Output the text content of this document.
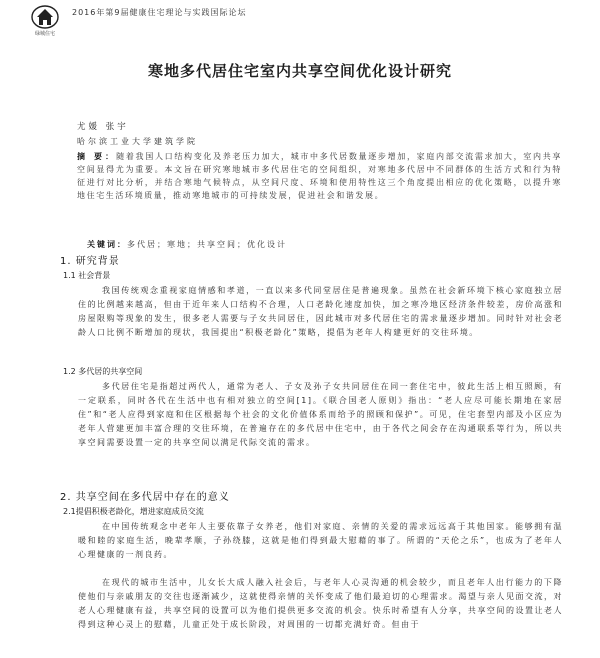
绿城住宅
2016年第9届健康住宅理论与实践国际论坛
寒地多代居住宅室内共享空间优化设计研究
尤媛 张宇
哈尔滨工业大学建筑学院

摘 要：随着我国人口结构变化及养老压力加大，城市中多代居数量逐步增加，家庭内部交流需求加大，室内共享空间显得尤为重要。本文旨在研究寒地城市多代居住宅的空间组织，对寒地多代居中不同群体的生活方式和行为特征进行对比分析，并结合寒地气候特点，从空间尺度、环境和使用特性这三个角度提出相应的优化策略，以提升寒地住宅生活环境质量，推动寒地城市的可持续发展，促进社会和谐发展。

关键词：多代居；寒地；共享空间；优化设计
1. 研究背景
1.1 社会背景

我国传统观念重视家庭情感和孝道，一直以来多代同堂居住是普遍现象。虽然在社会新环境下核心家庭独立居住的比例越来越高，但由于近年来人口结构不合理，人口老龄化速度加快，加之寒冷地区经济条件较差，房价高涨和房屋限购等现象的发生，很多老人需要与子女共同居住，因此城市对多代居住宅的需求量逐步增加。同时针对社会老龄人口比例不断增加的现状，我国提出“积极老龄化”策略，提倡为老年人构建更好的交往环境。

1.2 多代居的共享空间

多代居住宅是指超过两代人，通常为老人、子女及孙子女共同居住在同一套住宅中，彼此生活上相互照顾，有一定联系，同时各代在生活中也有相对独立的空间[1]。《联合国老人原则》指出：“老人应尽可能长期地在家居住”和“老人应得到家庭和住区根据每个社会的文化价值体系而给予的照顾和保护”。可见，住宅套型内部及小区应为老年人营建更加丰富合理的交往环境，在普遍存在的多代居中住宅中，由于各代之间会存在沟通联系等行为，所以共享空间需要设置一定的共享空间以满足代际交流的需求。

2. 共享空间在多代居中存在的意义
2.1提倡积极老龄化，增进家庭成员交流

在中国传统观念中老年人主要依靠子女养老，他们对家庭、亲情的关爱的需求远远高于其他国家。能够拥有温暖和睦的家庭生活，晚辈孝顺，子孙绕膝，这就是他们得到最大慰藉的事了。所谓的“天伦之乐”，也成为了老年人心理健康的一剂良药。

在现代的城市生活中，儿女长大成人融入社会后，与老年人心灵沟通的机会较少，而且老年人出行能力的下降使他们与亲戚朋友的交往也逐渐减少，这就使得亲情的关怀变成了他们最迫切的心理需求。渴望与亲人见面交流，对老人心理健康有益，共享空间的设置可以为他们提供更多交流的机会。快乐时希望有人分享，共享空间的设置让老人得到这种心灵上的慰藉，儿童正处于成长阶段，对周围的一切都充满好奇。但由于
